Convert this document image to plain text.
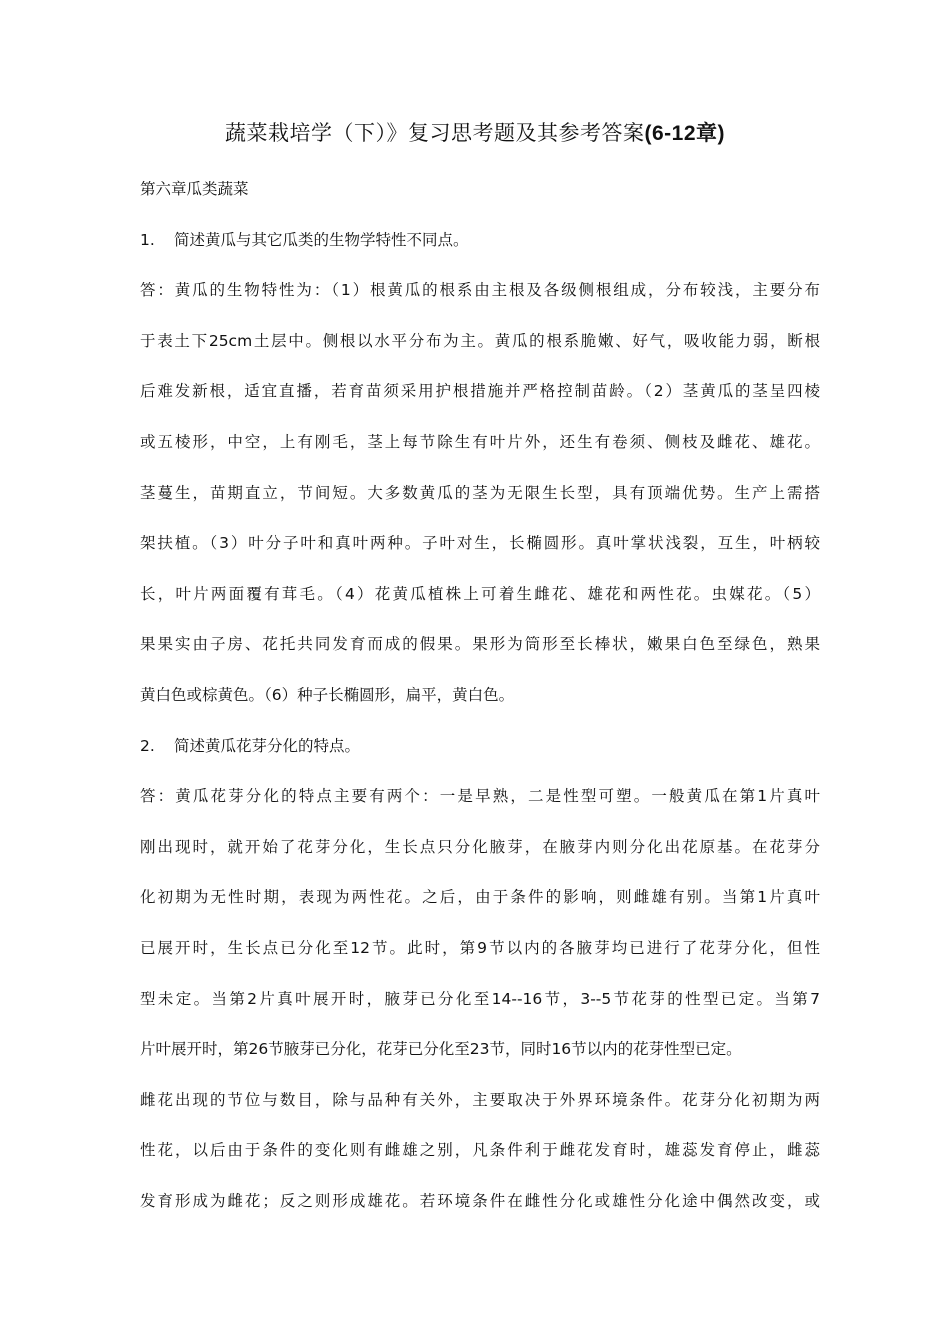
蔬菜栽培学（下）》复习思考题及其参考答案(6-12章)
第六章瓜类蔬菜
1. 简述黄瓜与其它瓜类的生物学特性不同点。
答：黄瓜的生物特性为：（1）根黄瓜的根系由主根及各级侧根组成，分布较浅，主要分布
于表土下25cm土层中。侧根以水平分布为主。黄瓜的根系脆嫩、好气，吸收能力弱，断根
后难发新根，适宜直播，若育苗须采用护根措施并严格控制苗龄。（2）茎黄瓜的茎呈四棱
或五棱形，中空，上有刚毛，茎上每节除生有叶片外，还生有卷须、侧枝及雌花、雄花。
茎蔓生，苗期直立，节间短。大多数黄瓜的茎为无限生长型，具有顶端优势。生产上需搭
架扶植。（3）叶分子叶和真叶两种。子叶对生，长椭圆形。真叶掌状浅裂，互生，叶柄较
长，叶片两面覆有茸毛。（4）花黄瓜植株上可着生雌花、雄花和两性花。虫媒花。（5）
果果实由子房、花托共同发育而成的假果。果形为筒形至长棒状，嫩果白色至绿色，熟果
黄白色或棕黄色。（6）种子长椭圆形，扁平，黄白色。
2. 简述黄瓜花芽分化的特点。
答：黄瓜花芽分化的特点主要有两个：一是早熟，二是性型可塑。一般黄瓜在第1片真叶
刚出现时，就开始了花芽分化，生长点只分化腋芽，在腋芽内则分化出花原基。在花芽分
化初期为无性时期，表现为两性花。之后，由于条件的影响，则雌雄有别。当第1片真叶
已展开时，生长点已分化至12节。此时，第9节以内的各腋芽均已进行了花芽分化，但性
型未定。当第2片真叶展开时，腋芽已分化至14--16节，3--5节花芽的性型已定。当第7
片叶展开时，第26节腋芽已分化，花芽已分化至23节，同时16节以内的花芽性型已定。
雌花出现的节位与数目，除与品种有关外，主要取决于外界环境条件。花芽分化初期为两
性花，以后由于条件的变化则有雌雄之别，凡条件利于雌花发育时，雄蕊发育停止，雌蕊
发育形成为雌花；反之则形成雄花。若环境条件在雌性分化或雄性分化途中偶然改变，或
